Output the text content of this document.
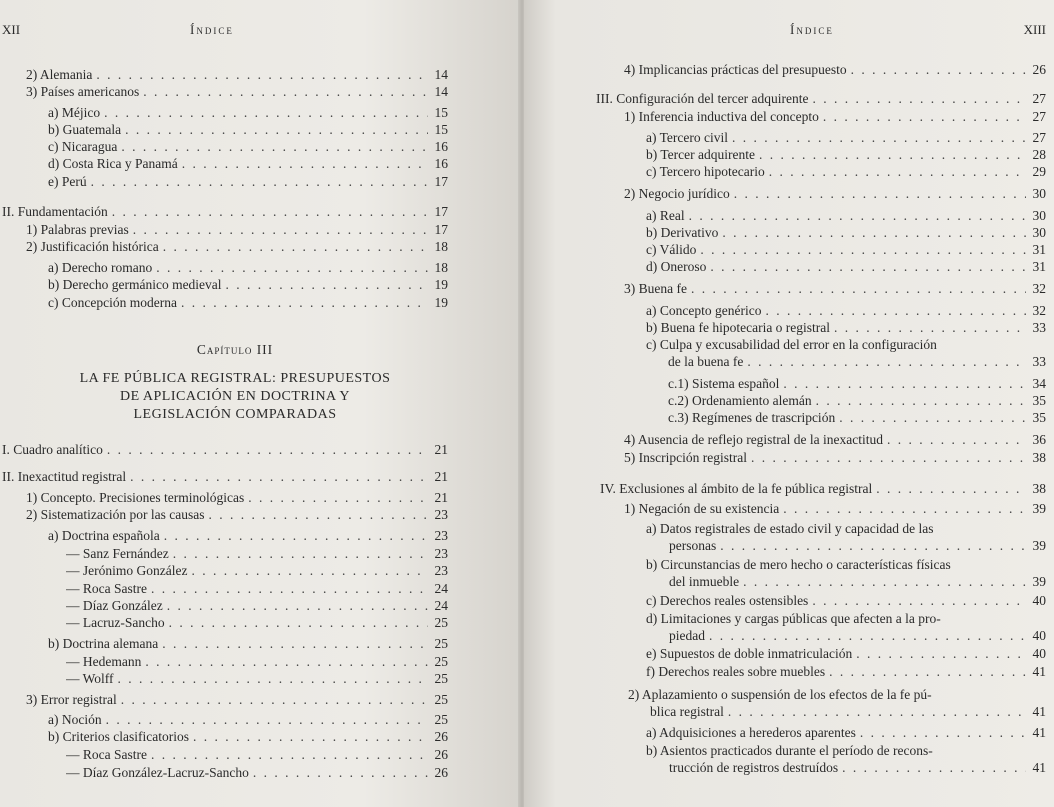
XII	Índice
2) Alemania . . .	14
3) Países americanos . . .	14
a) Méjico . . .	15
b) Guatemala . . .	15
c) Nicaragua . . .	16
d) Costa Rica y Panamá . . .	16
e) Perú . . .	17
II. Fundamentación . . .	17
1) Palabras previas . . .	17
2) Justificación histórica . . .	18
a) Derecho romano . . .	18
b) Derecho germánico medieval . . .	19
c) Concepción moderna . . .	19
Capítulo III
LA FE PÚBLICA REGISTRAL: PRESUPUESTOS
DE APLICACIÓN EN DOCTRINA Y
LEGISLACIÓN COMPARADAS
I. Cuadro analítico . . .	21
II. Inexactitud registral . . .	21
1) Concepto. Precisiones terminológicas . . .	21
2) Sistematización por las causas . . .	23
a) Doctrina española . . .	23
— Sanz Fernández . . .	23
— Jerónimo González . . .	23
— Roca Sastre . . .	24
— Díaz González . . .	24
— Lacruz-Sancho . . .	25
b) Doctrina alemana . . .	25
— Hedemann . . .	25
— Wolff . . .	25
3) Error registral . . .	25
a) Noción . . .	25
b) Criterios clasificatorios . . .	26
— Roca Sastre . . .	26
— Díaz González-Lacruz-Sancho . . .	26
Índice	XIII
4) Implicancias prácticas del presupuesto . . .	26
III. Configuración del tercer adquirente . . .	27
1) Inferencia inductiva del concepto . . .	27
a) Tercero civil . . .	27
b) Tercer adquirente . . .	28
c) Tercero hipotecario . . .	29
2) Negocio jurídico . . .	30
a) Real . . .	30
b) Derivativo . . .	30
c) Válido . . .	31
d) Oneroso . . .	31
3) Buena fe . . .	32
a) Concepto genérico . . .	32
b) Buena fe hipotecaria o registral . . .	33
c) Culpa y excusabilidad del error en la configuración
de la buena fe . . .	33
c.1) Sistema español . . .	34
c.2) Ordenamiento alemán . . .	35
c.3) Regímenes de trascripción . . .	35
4) Ausencia de reflejo registral de la inexactitud . . .	36
5) Inscripción registral . . .	38
IV. Exclusiones al ámbito de la fe pública registral . . .	38
1) Negación de su existencia . . .	39
a) Datos registrales de estado civil y capacidad de las
personas . . .	39
b) Circunstancias de mero hecho o características físicas
del inmueble . . .	39
c) Derechos reales ostensibles . . .	40
d) Limitaciones y cargas públicas que afecten a la pro-
piedad . . .	40
e) Supuestos de doble inmatriculación . . .	40
f) Derechos reales sobre muebles . . .	41
2) Aplazamiento o suspensión de los efectos de la fe pú-
blica registral . . .	41
a) Adquisiciones a herederos aparentes . . .	41
b) Asientos practicados durante el período de recons-
trucción de registros destruídos . . .	41
